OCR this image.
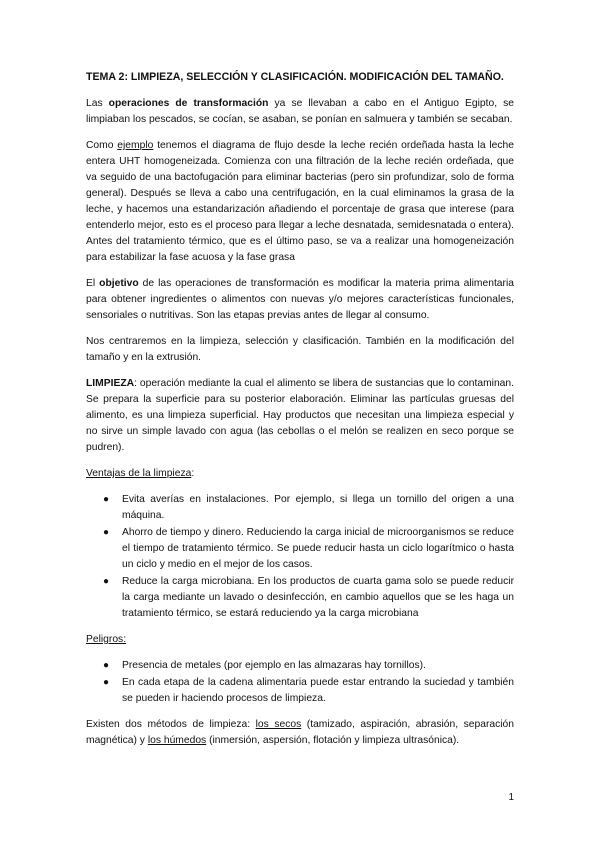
TEMA 2: LIMPIEZA, SELECCIÓN Y CLASIFICACIÓN. MODIFICACIÓN DEL TAMAÑO.

Las operaciones de transformación ya se llevaban a cabo en el Antiguo Egipto, se limpiaban los pescados, se cocían, se asaban, se ponían en salmuera y también se secaban.

Como ejemplo tenemos el diagrama de flujo desde la leche recién ordeñada hasta la leche entera UHT homogeneizada. Comienza con una filtración de la leche recién ordeñada, que va seguido de una bactofugación para eliminar bacterias (pero sin profundizar, solo de forma general). Después se lleva a cabo una centrifugación, en la cual eliminamos la grasa de la leche, y hacemos una estandarización añadiendo el porcentaje de grasa que interese (para entenderlo mejor, esto es el proceso para llegar a leche desnatada, semidesnatada o entera). Antes del tratamiento térmico, que es el último paso, se va a realizar una homogeneización para estabilizar la fase acuosa y la fase grasa

El objetivo de las operaciones de transformación es modificar la materia prima alimentaria para obtener ingredientes o alimentos con nuevas y/o mejores características funcionales, sensoriales o nutritivas. Son las etapas previas antes de llegar al consumo.

Nos centraremos en la limpieza, selección y clasificación. También en la modificación del tamaño y en la extrusión.

LIMPIEZA: operación mediante la cual el alimento se libera de sustancias que lo contaminan. Se prepara la superficie para su posterior elaboración. Eliminar las partículas gruesas del alimento, es una limpieza superficial. Hay productos que necesitan una limpieza especial y no sirve un simple lavado con agua (las cebollas o el melón se realizen en seco porque se pudren).

Ventajas de la limpieza:
● Evita averías en instalaciones. Por ejemplo, si llega un tornillo del origen a una máquina.
● Ahorro de tiempo y dinero. Reduciendo la carga inicial de microorganismos se reduce el tiempo de tratamiento térmico. Se puede reducir hasta un ciclo logarítmico o hasta un ciclo y medio en el mejor de los casos.
● Reduce la carga microbiana. En los productos de cuarta gama solo se puede reducir la carga mediante un lavado o desinfección, en cambio aquellos que se les haga un tratamiento térmico, se estará reduciendo ya la carga microbiana
Peligros:
● Presencia de metales (por ejemplo en las almazaras hay tornillos).
● En cada etapa de la cadena alimentaria puede estar entrando la suciedad y también se pueden ir haciendo procesos de limpieza.

Existen dos métodos de limpieza: los secos (tamizado, aspiración, abrasión, separación magnética) y los húmedos (inmersión, aspersión, flotación y limpieza ultrasónica).

1
